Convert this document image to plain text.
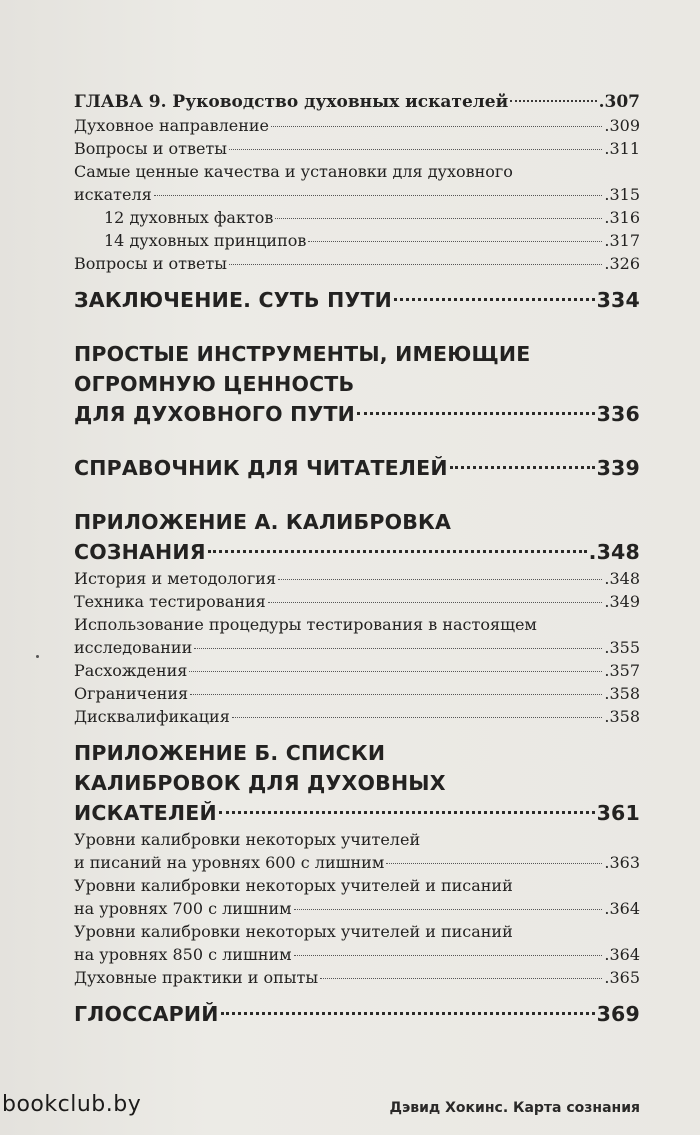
ГЛАВА 9. Руководство духовных искателей	.307
Духовное направление	.309
Вопросы и ответы	.311
Самые ценные качества и установки для духовного
искателя	.315
12 духовных фактов	.316
14 духовных принципов	.317
Вопросы и ответы	.326
ЗАКЛЮЧЕНИЕ. СУТЬ ПУТИ	334
ПРОСТЫЕ ИНСТРУМЕНТЫ, ИМЕЮЩИЕ
ОГРОМНУЮ ЦЕННОСТЬ
ДЛЯ ДУХОВНОГО ПУТИ	336
СПРАВОЧНИК ДЛЯ ЧИТАТЕЛЕЙ	339
ПРИЛОЖЕНИЕ А. КАЛИБРОВКА
СОЗНАНИЯ	.348
История и методология	.348
Техника тестирования	.349
Использование процедуры тестирования в настоящем
исследовании	.355
Расхождения	.357
Ограничения	.358
Дисквалификация	.358
ПРИЛОЖЕНИЕ Б. СПИСКИ
КАЛИБРОВОК ДЛЯ ДУХОВНЫХ
ИСКАТЕЛЕЙ	361
Уровни калибровки некоторых учителей
и писаний на уровнях 600 с лишним	.363
Уровни калибровки некоторых учителей и писаний
на уровнях 700 с лишним	.364
Уровни калибровки некоторых учителей и писаний
на уровнях 850 с лишним	.364
Духовные практики и опыты	.365
ГЛОССАРИЙ	369
bookclub.by	Дэвид Хокинс. Карта сознания
